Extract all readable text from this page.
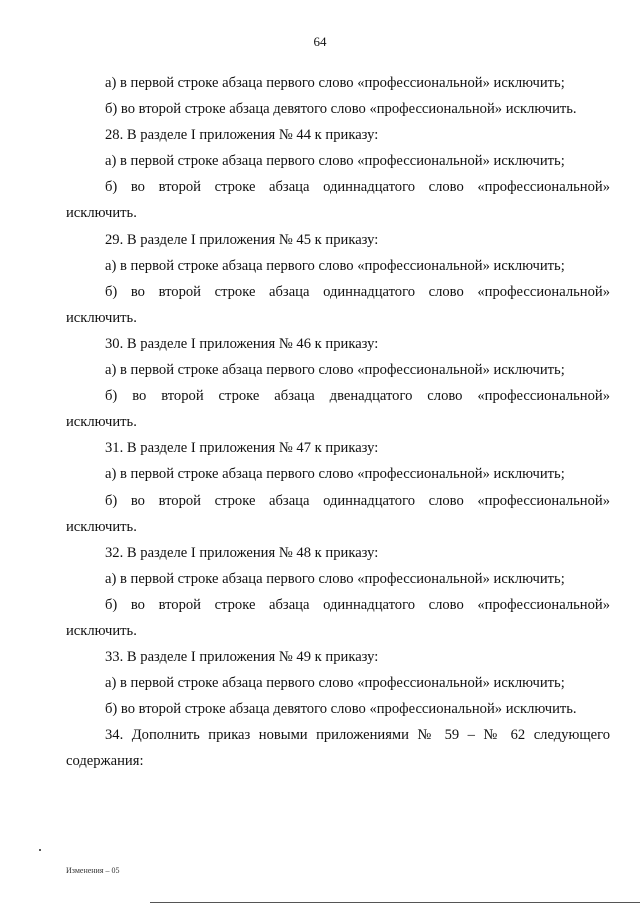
64
а) в первой строке абзаца первого слово «профессиональной» исключить;
б) во второй строке абзаца девятого слово «профессиональной» исключить.
28. В разделе I приложения № 44 к приказу:
а) в первой строке абзаца первого слово «профессиональной» исключить;
б) во второй строке абзаца одиннадцатого слово «профессиональной»
исключить.
29. В разделе I приложения № 45 к приказу:
а) в первой строке абзаца первого слово «профессиональной» исключить;
б) во второй строке абзаца одиннадцатого слово «профессиональной»
исключить.
30. В разделе I приложения № 46 к приказу:
а) в первой строке абзаца первого слово «профессиональной» исключить;
б) во второй строке абзаца двенадцатого слово «профессиональной»
исключить.
31. В разделе I приложения № 47 к приказу:
а) в первой строке абзаца первого слово «профессиональной» исключить;
б) во второй строке абзаца одиннадцатого слово «профессиональной»
исключить.
32. В разделе I приложения № 48 к приказу:
а) в первой строке абзаца первого слово «профессиональной» исключить;
б) во второй строке абзаца одиннадцатого слово «профессиональной»
исключить.
33. В разделе I приложения № 49 к приказу:
а) в первой строке абзаца первого слово «профессиональной» исключить;
б) во второй строке абзаца девятого слово «профессиональной» исключить.
34. Дополнить приказ новыми приложениями № 59 – № 62 следующего
содержания:
Изменения – 05
